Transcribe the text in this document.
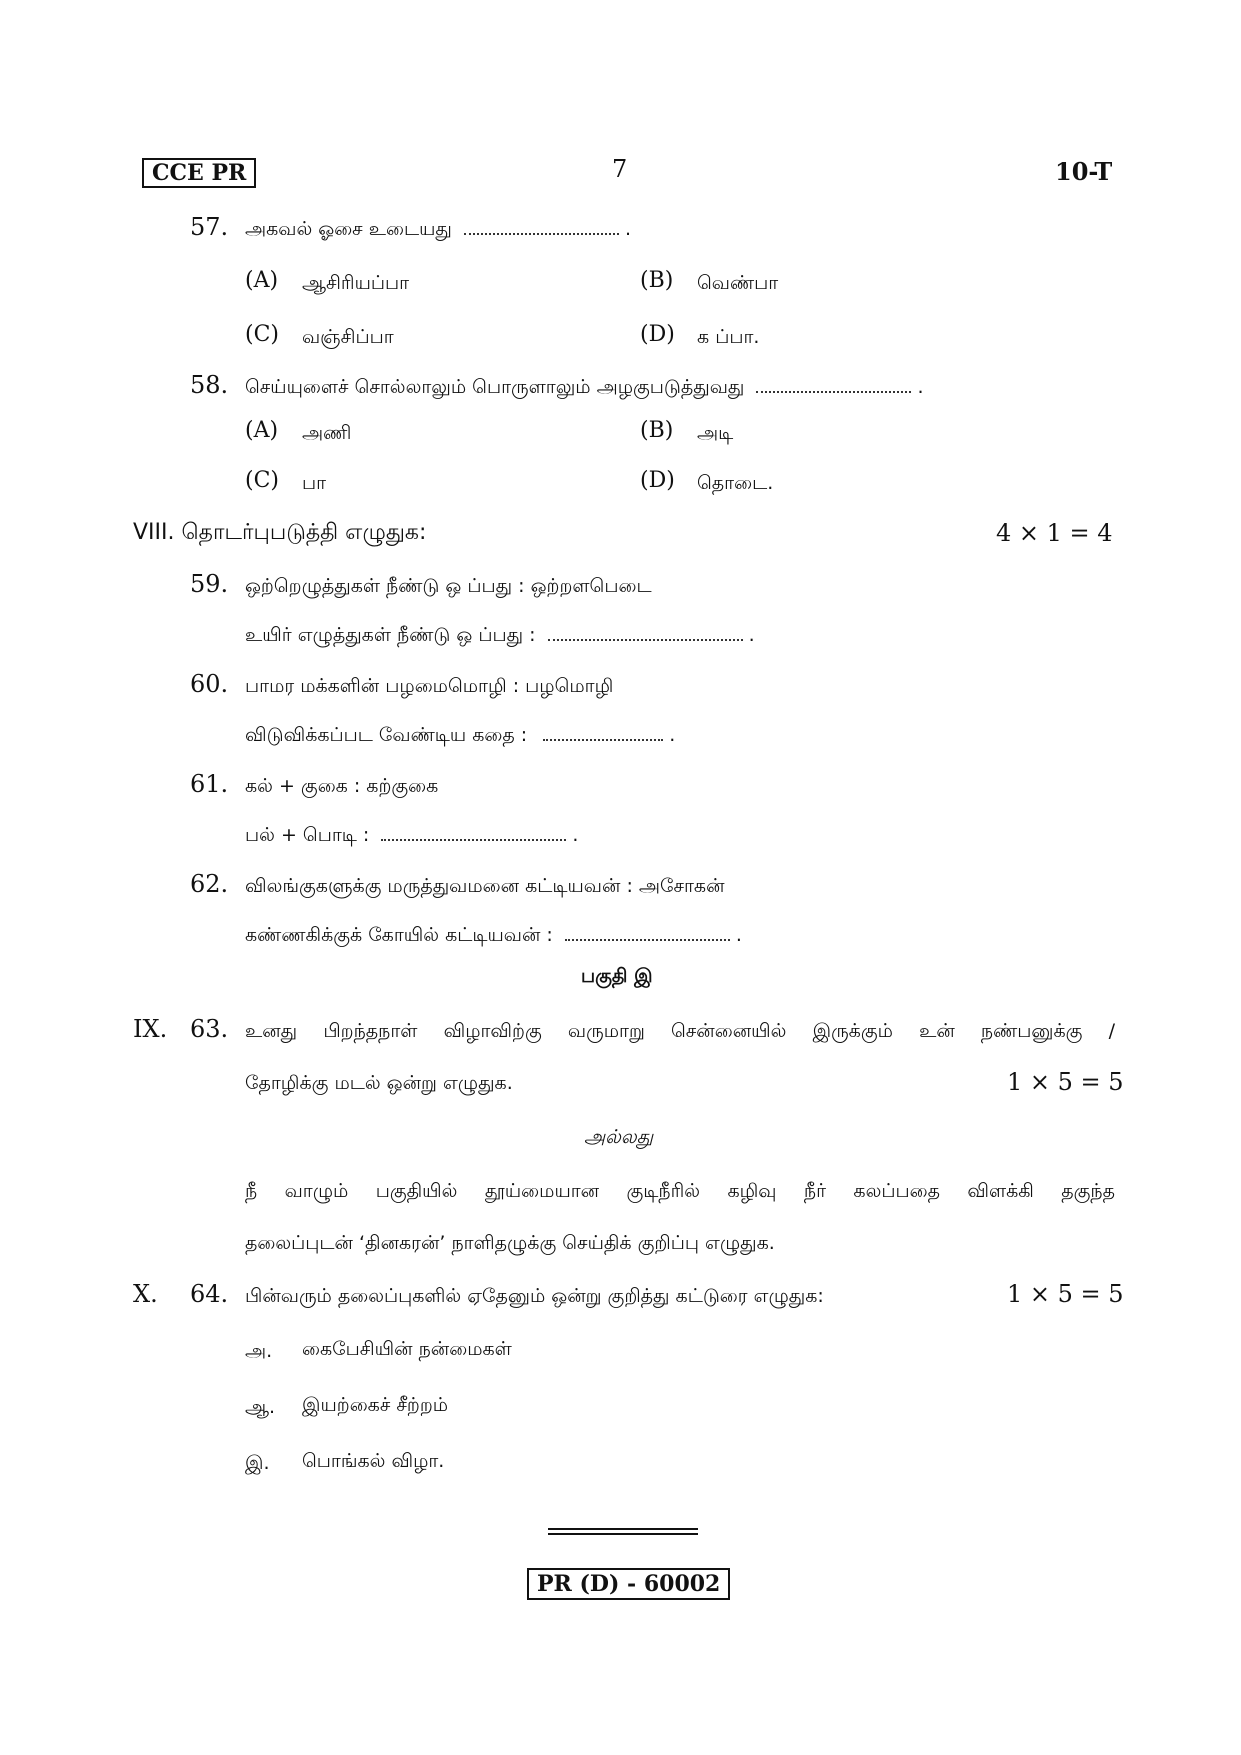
CCE PR	7	10-T
57. அகவல் ஓசை உடையது	.
(A) ஆசிரியப்பா	(B) வெண்பா
(C) வஞ்சிப்பா	(D) க ப்பா.
58. செய்யுளைச் சொல்லாலும் பொருளாலும் அழகுபடுத்துவது	.
(A) அணி	(B) அடி
(C) பா	(D) தொடை.
VIII. தொடர்புபடுத்தி எழுதுக:	4 × 1 = 4
59. ஒற்றெழுத்துகள் நீண்டு ஒ ப்பது : ஒற்றளபெடை
உயிர் எழுத்துகள் நீண்டு ஒ ப்பது :	.
60. பாமர மக்களின் பழமைமொழி : பழமொழி
விடுவிக்கப்பட வேண்டிய கதை :	.
61. கல் + குகை : கற்குகை
பல் + பொடி :	.
62. விலங்குகளுக்கு மருத்துவமனை கட்டியவன் : அசோகன்
கண்ணகிக்குக் கோயில் கட்டியவன் :	.
பகுதி இ
IX. 63. உனது பிறந்தநாள் விழாவிற்கு வருமாறு சென்னையில் இருக்கும் உன் நண்பனுக்கு /
தோழிக்கு மடல் ஒன்று எழுதுக.	1 × 5 = 5
அல்லது
நீ வாழும் பகுதியில் தூய்மையான குடிநீரில் கழிவு நீர் கலப்பதை விளக்கி தகுந்த
தலைப்புடன் ‘தினகரன்’ நாளிதழுக்கு செய்திக் குறிப்பு எழுதுக.
X. 64. பின்வரும் தலைப்புகளில் ஏதேனும் ஒன்று குறித்து கட்டுரை எழுதுக:	1 × 5 = 5
அ. கைபேசியின் நன்மைகள்
ஆ. இயற்கைச் சீற்றம்
இ. பொங்கல் விழா.
PR (D) - 60002
